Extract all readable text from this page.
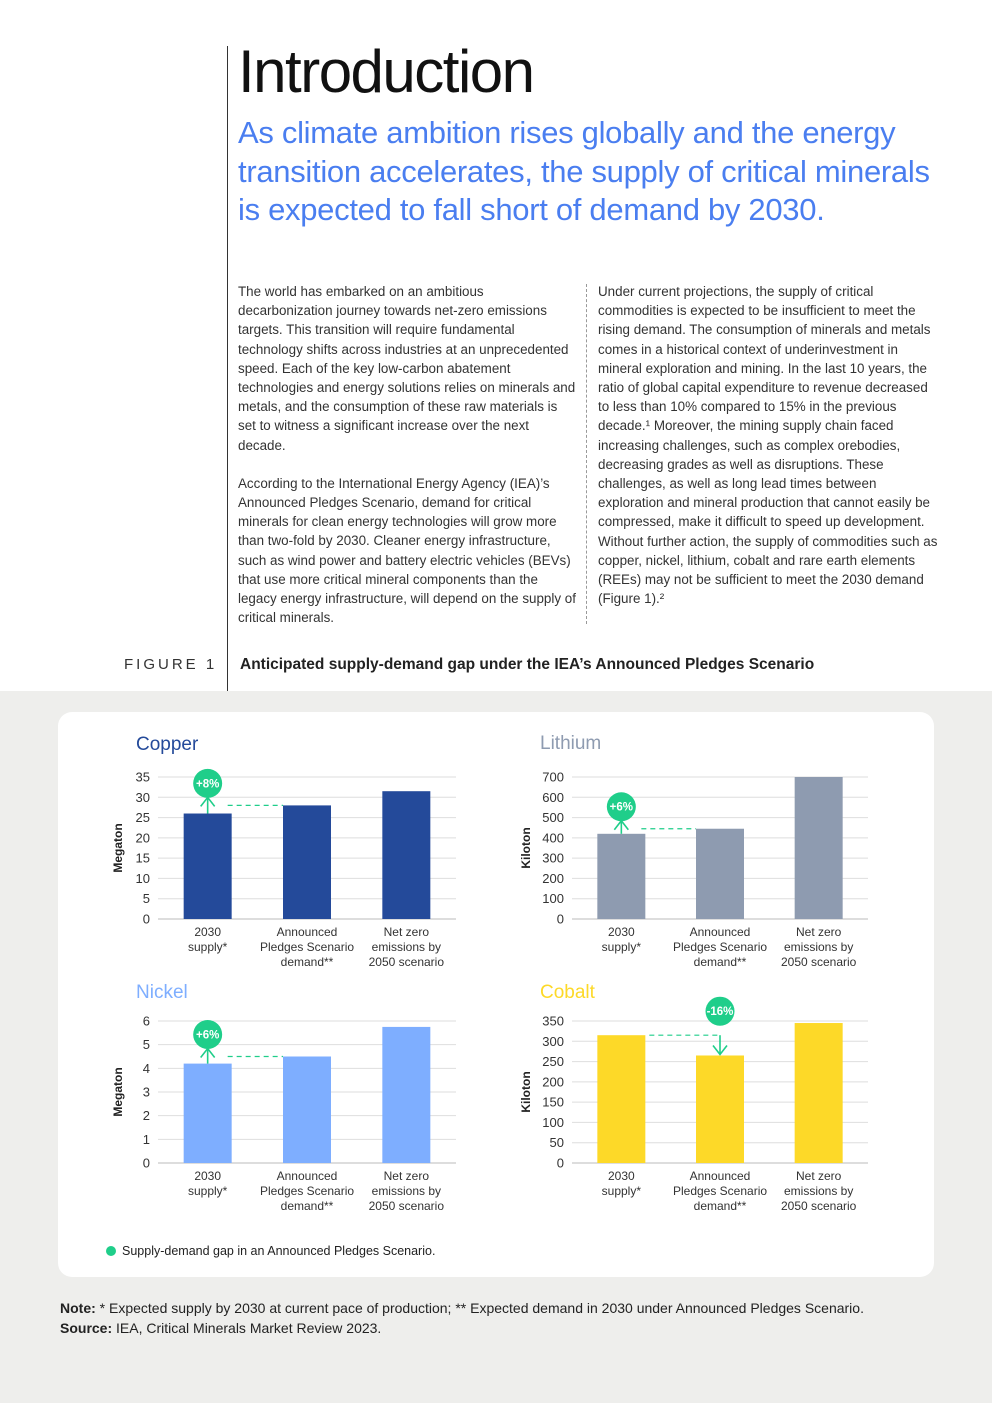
Introduction
As climate ambition rises globally and the energy transition accelerates, the supply of critical minerals is expected to fall short of demand by 2030.

The world has embarked on an ambitious decarbonization journey towards net-zero emissions targets. This transition will require fundamental technology shifts across industries at an unprecedented speed. Each of the key low-carbon abatement technologies and energy solutions relies on minerals and metals, and the consumption of these raw materials is set to witness a significant increase over the next decade.

According to the International Energy Agency (IEA)’s Announced Pledges Scenario, demand for critical minerals for clean energy technologies will grow more than two-fold by 2030. Cleaner energy infrastructure, such as wind power and battery electric vehicles (BEVs) that use more critical mineral components than the legacy energy infrastructure, will depend on the supply of critical minerals.

Under current projections, the supply of critical commodities is expected to be insufficient to meet the rising demand. The consumption of minerals and metals comes in a historical context of underinvestment in mineral exploration and mining. In the last 10 years, the ratio of global capital expenditure to revenue decreased to less than 10% compared to 15% in the previous decade.¹ Moreover, the mining supply chain faced increasing challenges, such as complex orebodies, decreasing grades as well as disruptions. These challenges, as well as long lead times between exploration and mineral production that cannot easily be compressed, make it difficult to speed up development. Without further action, the supply of commodities such as copper, nickel, lithium, cobalt and rare earth elements (REEs) may not be sufficient to meet the 2030 demand (Figure 1).²

FIGURE 1 Anticipated supply-demand gap under the IEA’s Announced Pledges Scenario
Copper
0
5
10
15
20
25
30
35
Megaton
2030 supply*
Announced Pledges Scenario demand**
Net zero emissions by 2050 scenario
+8%
Lithium
0
100
200
300
400
500
600
700
Kiloton
2030 supply*
Announced Pledges Scenario demand**
Net zero emissions by 2050 scenario
+6%
Nickel
0
1
2
3
4
5
6
Megaton
2030 supply*
Announced Pledges Scenario demand**
Net zero emissions by 2050 scenario
+6%
Cobalt
0
50
100
150
200
250
300
350
Kiloton
2030 supply*
Announced Pledges Scenario demand**
Net zero emissions by 2050 scenario
-16%
Supply-demand gap in an Announced Pledges Scenario.
Note: * Expected supply by 2030 at current pace of production; ** Expected demand in 2030 under Announced Pledges Scenario.
Source: IEA, Critical Minerals Market Review 2023.
